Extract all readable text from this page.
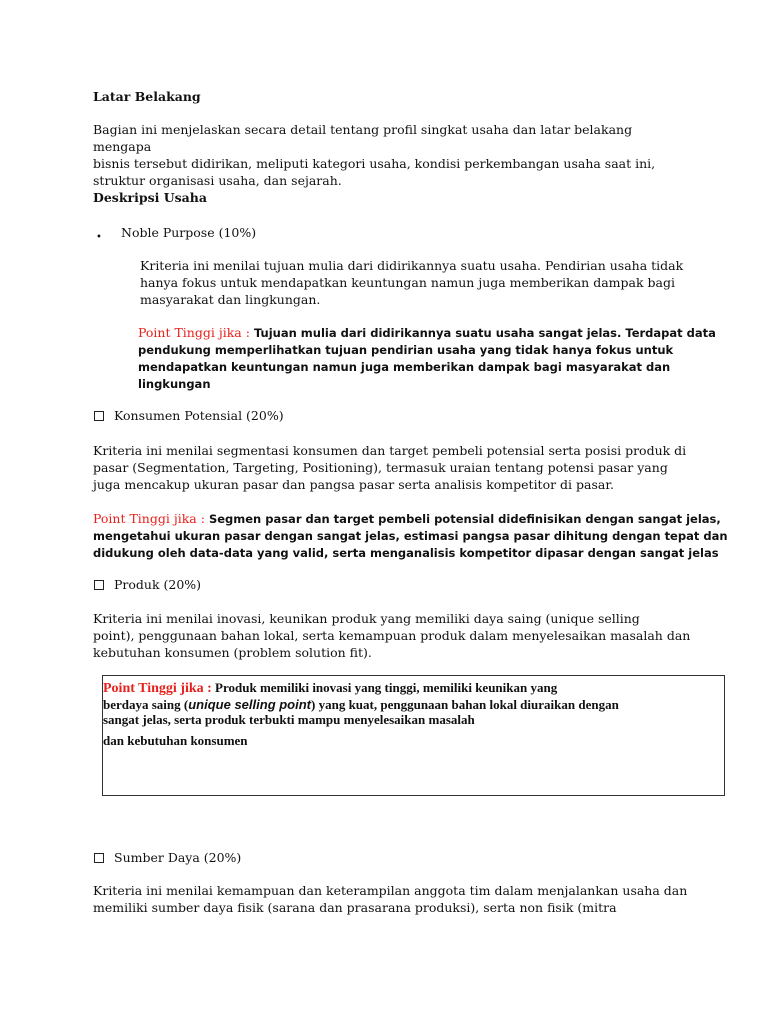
Latar Belakang

Bagian ini menjelaskan secara detail tentang profil singkat usaha dan latar belakang mengapa
bisnis tersebut didirikan, meliputi kategori usaha, kondisi perkembangan usaha saat ini,
struktur organisasi usaha, dan sejarah.

Deskripsi Usaha

• Noble Purpose (10%)

Kriteria ini menilai tujuan mulia dari didirikannya suatu usaha. Pendirian usaha tidak
hanya fokus untuk mendapatkan keuntungan namun juga memberikan dampak bagi
masyarakat dan lingkungan.
Point Tinggi jika : Tujuan mulia dari didirikannya suatu usaha sangat jelas. Terdapat data
pendukung memperlihatkan tujuan pendirian usaha yang tidak hanya fokus untuk
mendapatkan keuntungan namun juga memberikan dampak bagi masyarakat dan
lingkungan

Konsumen Potensial (20%)

Kriteria ini menilai segmentasi konsumen dan target pembeli potensial serta posisi produk di
pasar (Segmentation, Targeting, Positioning), termasuk uraian tentang potensi pasar yang
juga mencakup ukuran pasar dan pangsa pasar serta analisis kompetitor di pasar.
Point Tinggi jika : Segmen pasar dan target pembeli potensial didefinisikan dengan sangat jelas,
mengetahui ukuran pasar dengan sangat jelas, estimasi pangsa pasar dihitung dengan tepat dan
didukung oleh data-data yang valid, serta menganalisis kompetitor dipasar dengan sangat jelas

Produk (20%)

Kriteria ini menilai inovasi, keunikan produk yang memiliki daya saing (unique selling
point), penggunaan bahan lokal, serta kemampuan produk dalam menyelesaikan masalah dan
kebutuhan konsumen (problem solution fit).
Point Tinggi jika : Produk memiliki inovasi yang tinggi, memiliki keunikan yang
berdaya saing (unique selling point) yang kuat, penggunaan bahan lokal diuraikan dengan
sangat jelas, serta produk terbukti mampu menyelesaikan masalah
dan kebutuhan konsumen

Sumber Daya (20%)

Kriteria ini menilai kemampuan dan keterampilan anggota tim dalam menjalankan usaha dan
memiliki sumber daya fisik (sarana dan prasarana produksi), serta non fisik (mitra
